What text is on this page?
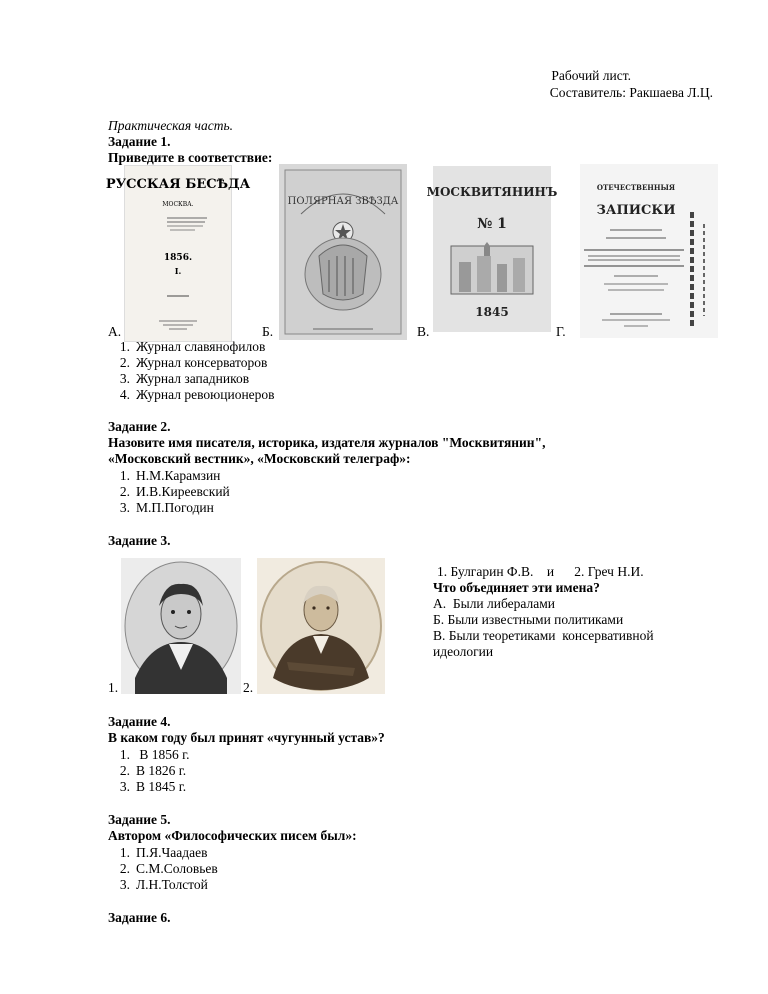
Рабочий лист.
Составитель: Ракшаева Л.Ц.
Практическая часть.
Задание 1.
Приведите в соответствие:
РУССКАЯ БЕСѢДА
МОСКВА.
1856.
I.
А.
ПОЛЯРНАЯ ЗВѢЗДА
Б.
МОСКВИТЯНИНЪ
№ 1
1845
В.
ОТЕЧЕСТВЕННЫЯ
ЗАПИСКИ
Г.
1. Журнал славянофилов
2. Журнал консерваторов
3. Журнал западников
4. Журнал ревоюционеров
Задание 2.
Назовите имя писателя, историка, издателя журналов "Москвитянин",
«Московский вестник», «Московский телеграф»:
1. Н.М.Карамзин
2. И.В.Киреевский
3. М.П.Погодин
Задание 3.
1.	2.
1. Булгарин Ф.В.    и      2. Греч Н.И.
Что объединяет эти имена?
А.  Были либералами
Б. Были известными политиками
В. Были теоретиками  консервативной
идеологии
Задание 4.
В каком году был принят «чугунный устав»?
1. В 1856 г.
2. В 1826 г.
3. В 1845 г.
Задание 5.
Автором «Философических писем был»:
1. П.Я.Чаадаев
2. С.М.Соловьев
3. Л.Н.Толстой
Задание 6.
